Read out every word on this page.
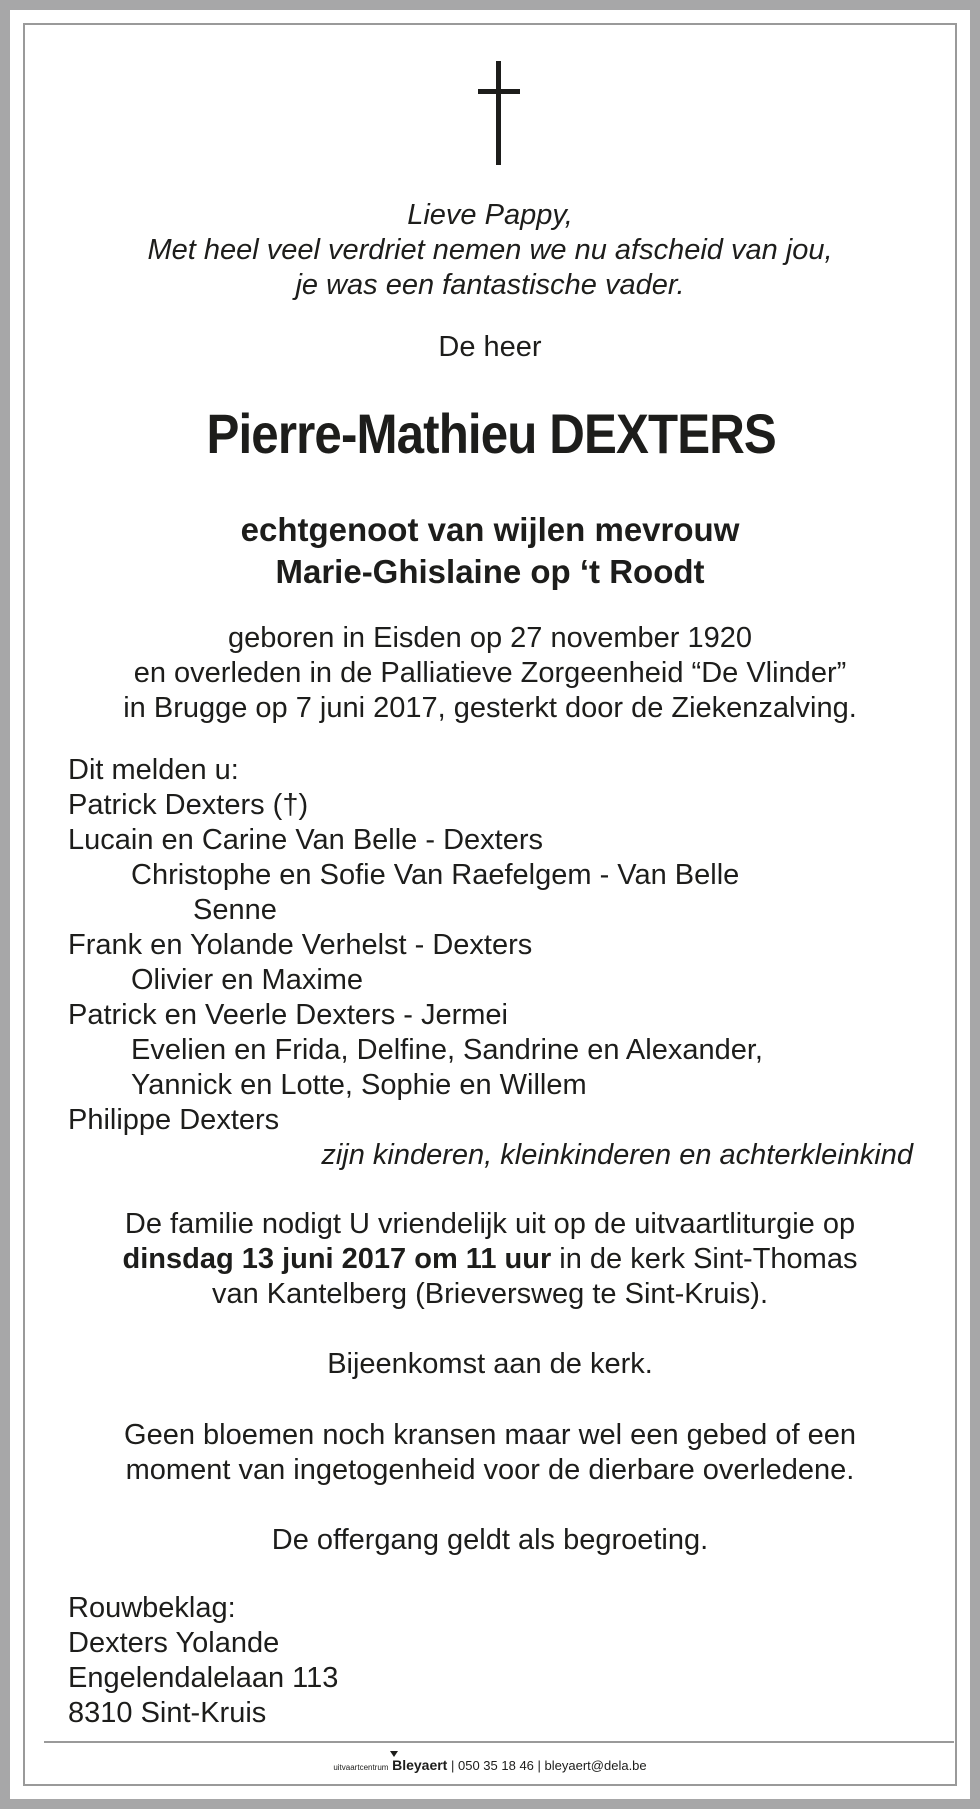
Lieve Pappy,
Met heel veel verdriet nemen we nu afscheid van jou,
je was een fantastische vader.
De heer
Pierre-Mathieu DEXTERS
echtgenoot van wijlen mevrouw
Marie-Ghislaine op ‘t Roodt
geboren in Eisden op 27 november 1920
en overleden in de Palliatieve Zorgeenheid “De Vlinder”
in Brugge op 7 juni 2017, gesterkt door de Ziekenzalving.
Dit melden u:
Patrick Dexters (†)
Lucain en Carine Van Belle - Dexters
Christophe en Sofie Van Raefelgem - Van Belle
Senne
Frank en Yolande Verhelst - Dexters
Olivier en Maxime
Patrick en Veerle Dexters - Jermei
Evelien en Frida, Delfine, Sandrine en Alexander,
Yannick en Lotte, Sophie en Willem
Philippe Dexters
zijn kinderen, kleinkinderen en achterkleinkind
De familie nodigt U vriendelijk uit op de uitvaartliturgie op
dinsdag 13 juni 2017 om 11 uur in de kerk Sint-Thomas
van Kantelberg (Brieversweg te Sint-Kruis).
Bijeenkomst aan de kerk.
Geen bloemen noch kransen maar wel een gebed of een
moment van ingetogenheid voor de dierbare overledene.
De offergang geldt als begroeting.
Rouwbeklag:
Dexters Yolande
Engelendalelaan 113
8310 Sint-Kruis
uitvaartcentrum Bleyaert | 050 35 18 46 | bleyaert@dela.be
